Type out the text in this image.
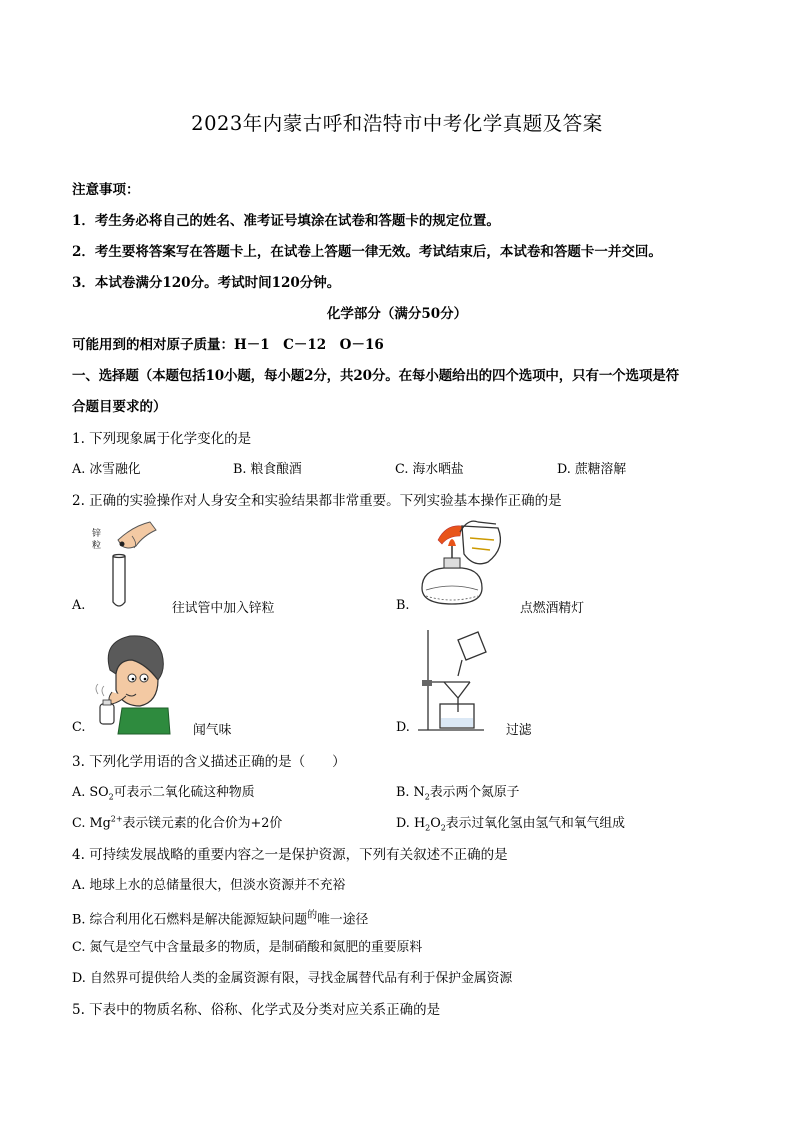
2023年内蒙古呼和浩特市中考化学真题及答案
注意事项：
1．考生务必将自己的姓名、准考证号填涂在试卷和答题卡的规定位置。
2．考生要将答案写在答题卡上，在试卷上答题一律无效。考试结束后，本试卷和答题卡一并交回。
3．本试卷满分120分。考试时间120分钟。
化学部分（满分50分）
可能用到的相对原子质量：H－1　C－12　O－16
一、选择题（本题包括10小题，每小题2分，共20分。在每小题给出的四个选项中，只有一个选项是符
合题目要求的）
1. 下列现象属于化学变化的是
A. 冰雪融化	B. 粮食酿酒	C. 海水晒盐	D. 蔗糖溶解
2. 正确的实验操作对人身安全和实验结果都非常重要。下列实验基本操作正确的是
锌粒
A.	往试管中加入锌粒	B.	点燃酒精灯
C.	闻气味	D.	过滤
3. 下列化学用语的含义描述正确的是（　　）
A. $SO_2$可表示二氧化硫这种物质	B. $N_2$表示两个氮原子
C. $Mg^{2+}$表示镁元素的化合价为+2价	D. $H_2O_2$表示过氧化氢由氢气和氧气组成
4. 可持续发展战略的重要内容之一是保护资源，下列有关叙述不正确的是
A. 地球上水的总储量很大，但淡水资源并不充裕
B. 综合利用化石燃料是解决能源短缺问题$^的$唯一途径
C. 氮气是空气中含量最多的物质，是制硝酸和氮肥的重要原料
D. 自然界可提供给人类的金属资源有限，寻找金属替代品有利于保护金属资源
5. 下表中的物质名称、俗称、化学式及分类对应关系正确的是
